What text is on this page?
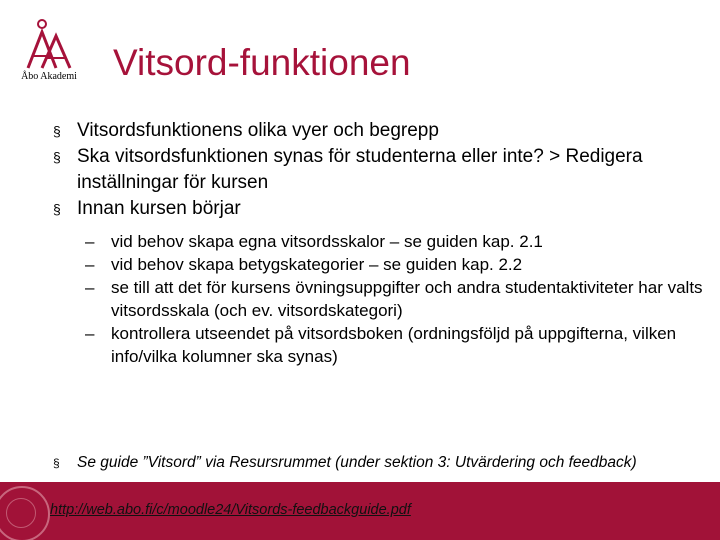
Åbo Akademi Vitsord-funktionen
§ Vitsordsfunktionens olika vyer och begrepp
§ Ska vitsordsfunktionen synas för studenterna eller inte? > Redigera inställningar för kursen
§ Innan kursen börjar
– vid behov skapa egna vitsordsskalor – se guiden kap. 2.1
– vid behov skapa betygskategorier – se guiden kap. 2.2
– se till att det för kursens övningsuppgifter och andra studentaktiviteter har valts vitsordsskala (och ev. vitsordskategori)
– kontrollera utseendet på vitsordsboken (ordningsföljd på uppgifterna, vilken info/vilka kolumner ska synas)
§ Se guide ”Vitsord” via Resursrummet (under sektion 3: Utvärdering och feedback)
http://web.abo.fi/c/moodle24/Vitsords-feedbackguide.pdf
